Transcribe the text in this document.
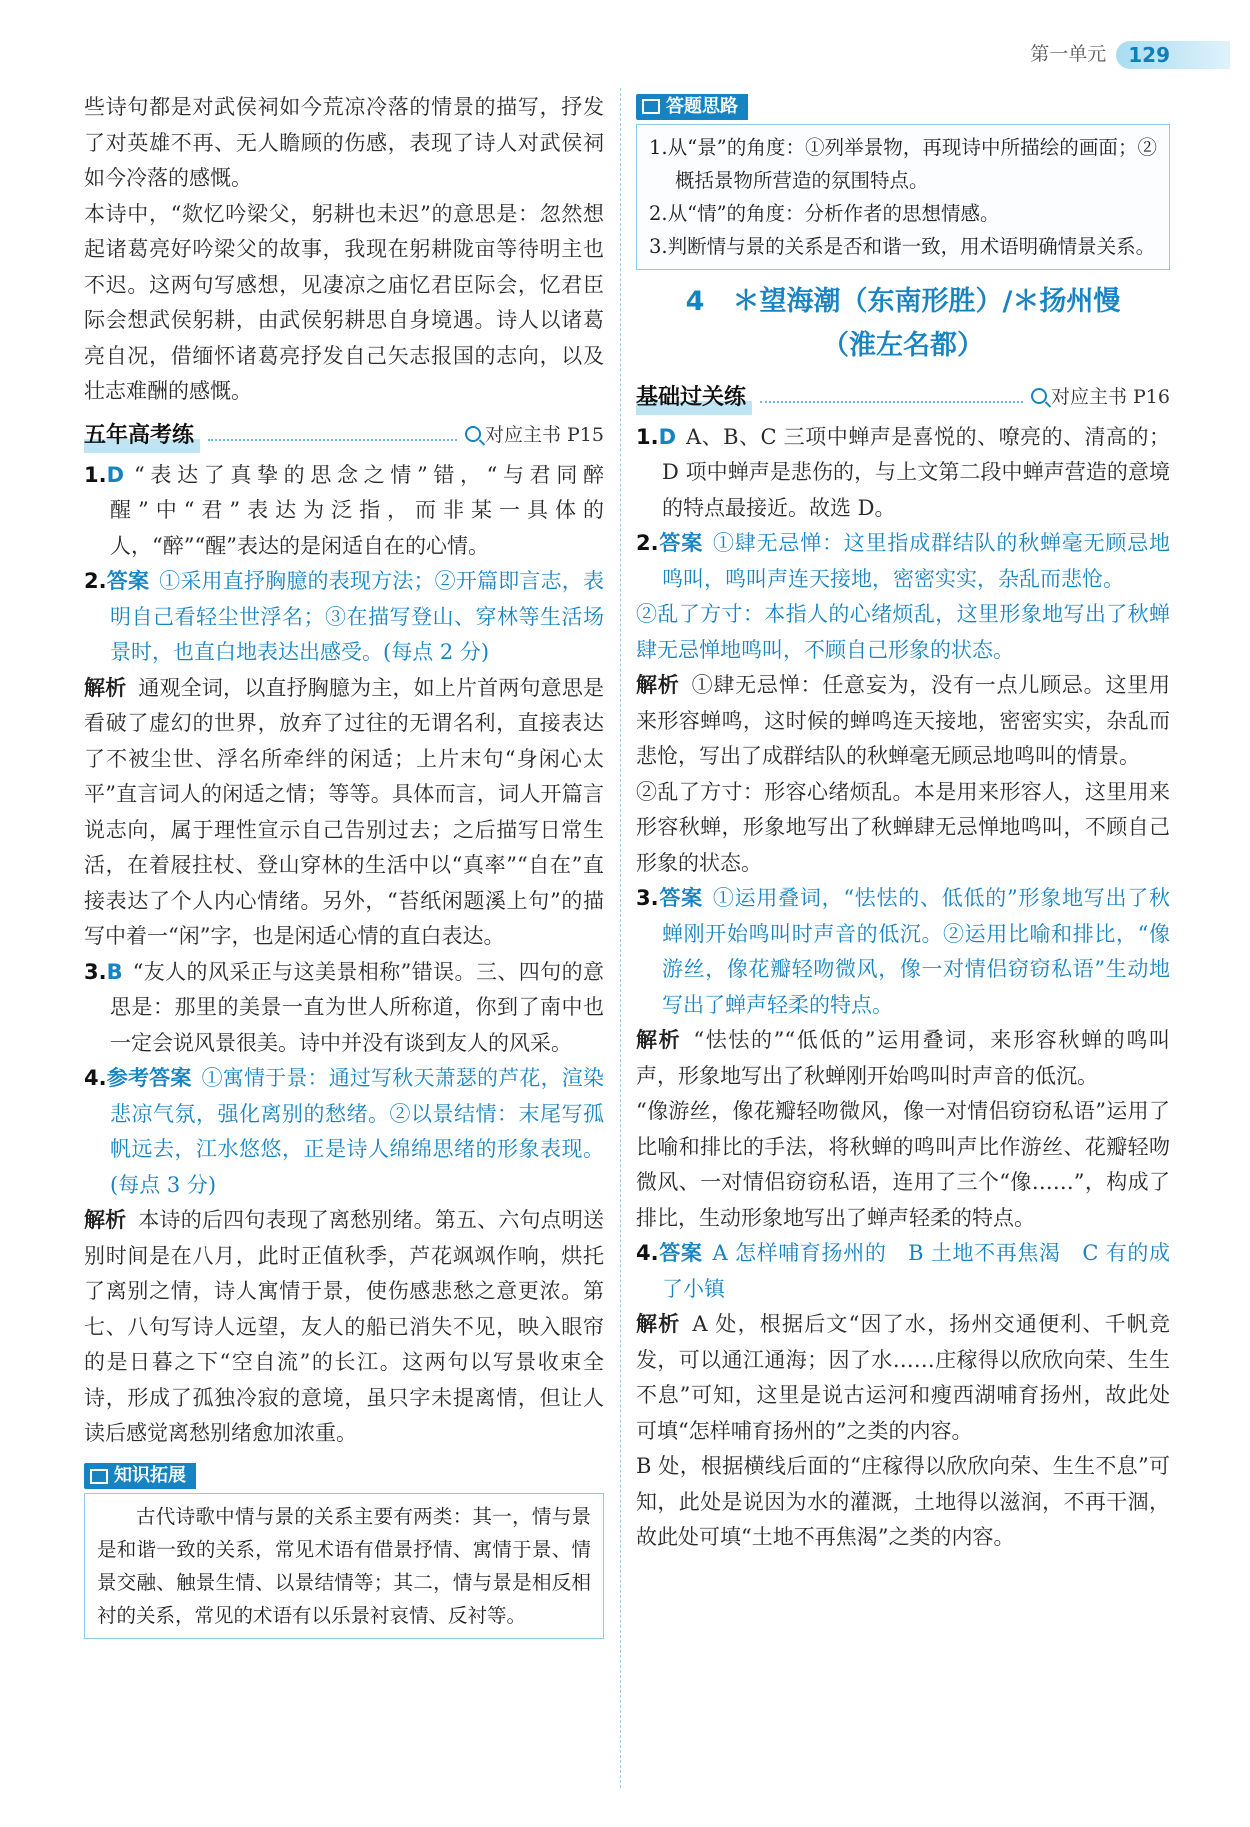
第一单元	129

些诗句都是对武侯祠如今荒凉冷落的情景的描写，抒发了对英雄不再、无人瞻顾的伤感，表现了诗人对武侯祠如今冷落的感慨。

本诗中，“欻忆吟梁父，躬耕也未迟”的意思是：忽然想起诸葛亮好吟梁父的故事，我现在躬耕陇亩等待明主也不迟。这两句写感想，见凄凉之庙忆君臣际会，忆君臣际会想武侯躬耕，由武侯躬耕思自身境遇。诗人以诸葛亮自况，借缅怀诸葛亮抒发自己矢志报国的志向，以及壮志难酬的感慨。

五年高考练	对应主书 P15

1.D “表达了真挚的思念之情”错，“与君同醉醒”中“君”表达为泛指，而非某一具体的人，“醉”“醒”表达的是闲适自在的心情。

2.答案 ①采用直抒胸臆的表现方法；②开篇即言志，表明自己看轻尘世浮名；③在描写登山、穿林等生活场景时，也直白地表达出感受。(每点 2 分)

解析 通观全词，以直抒胸臆为主，如上片首两句意思是看破了虚幻的世界，放弃了过往的无谓名利，直接表达了不被尘世、浮名所牵绊的闲适；上片末句“身闲心太平”直言词人的闲适之情；等等。具体而言，词人开篇言说志向，属于理性宣示自己告别过去；之后描写日常生活，在着屐拄杖、登山穿林的生活中以“真率”“自在”直接表达了个人内心情绪。另外，“苔纸闲题溪上句”的描写中着一“闲”字，也是闲适心情的直白表达。

3.B “友人的风采正与这美景相称”错误。三、四句的意思是：那里的美景一直为世人所称道，你到了南中也一定会说风景很美。诗中并没有谈到友人的风采。

4.参考答案 ①寓情于景：通过写秋天萧瑟的芦花，渲染悲凉气氛，强化离别的愁绪。②以景结情：末尾写孤帆远去，江水悠悠，正是诗人绵绵思绪的形象表现。(每点 3 分)

解析 本诗的后四句表现了离愁别绪。第五、六句点明送别时间是在八月，此时正值秋季，芦花飒飒作响，烘托了离别之情，诗人寓情于景，使伤感悲愁之意更浓。第七、八句写诗人远望，友人的船已消失不见，映入眼帘的是日暮之下“空自流”的长江。这两句以写景收束全诗，形成了孤独冷寂的意境，虽只字未提离情，但让人读后感觉离愁别绪愈加浓重。

知识拓展

古代诗歌中情与景的关系主要有两类：其一，情与景是和谐一致的关系，常见术语有借景抒情、寓情于景、情景交融、触景生情、以景结情等；其二，情与景是相反相衬的关系，常见的术语有以乐景衬哀情、反衬等。

答题思路

1.从“景”的角度：①列举景物，再现诗中所描绘的画面；②概括景物所营造的氛围特点。

2.从“情”的角度：分析作者的思想情感。

3.判断情与景的关系是否和谐一致，用术语明确情景关系。

4 ＊望海潮（东南形胜）/＊扬州慢
（淮左名都）
基础过关练	对应主书 P16

1.D A、B、C 三项中蝉声是喜悦的、嘹亮的、清高的；D 项中蝉声是悲伤的，与上文第二段中蝉声营造的意境的特点最接近。故选 D。

2.答案 ①肆无忌惮：这里指成群结队的秋蝉毫无顾忌地鸣叫，鸣叫声连天接地，密密实实，杂乱而悲怆。

②乱了方寸：本指人的心绪烦乱，这里形象地写出了秋蝉肆无忌惮地鸣叫，不顾自己形象的状态。

解析 ①肆无忌惮：任意妄为，没有一点儿顾忌。这里用来形容蝉鸣，这时候的蝉鸣连天接地，密密实实，杂乱而悲怆，写出了成群结队的秋蝉毫无顾忌地鸣叫的情景。

②乱了方寸：形容心绪烦乱。本是用来形容人，这里用来形容秋蝉，形象地写出了秋蝉肆无忌惮地鸣叫，不顾自己形象的状态。

3.答案 ①运用叠词，“怯怯的、低低的”形象地写出了秋蝉刚开始鸣叫时声音的低沉。②运用比喻和排比，“像游丝，像花瓣轻吻微风，像一对情侣窃窃私语”生动地写出了蝉声轻柔的特点。

解析 “怯怯的”“低低的”运用叠词，来形容秋蝉的鸣叫声，形象地写出了秋蝉刚开始鸣叫时声音的低沉。

“像游丝，像花瓣轻吻微风，像一对情侣窃窃私语”运用了比喻和排比的手法，将秋蝉的鸣叫声比作游丝、花瓣轻吻微风、一对情侣窃窃私语，连用了三个“像……”，构成了排比，生动形象地写出了蝉声轻柔的特点。

4.答案 A 怎样哺育扬州的　B 土地不再焦渴　C 有的成了小镇

解析 A 处，根据后文“因了水，扬州交通便利、千帆竞发，可以通江通海；因了水……庄稼得以欣欣向荣、生生不息”可知，这里是说古运河和瘦西湖哺育扬州，故此处可填“怎样哺育扬州的”之类的内容。

B 处，根据横线后面的“庄稼得以欣欣向荣、生生不息”可知，此处是说因为水的灌溉，土地得以滋润，不再干涸，故此处可填“土地不再焦渴”之类的内容。
